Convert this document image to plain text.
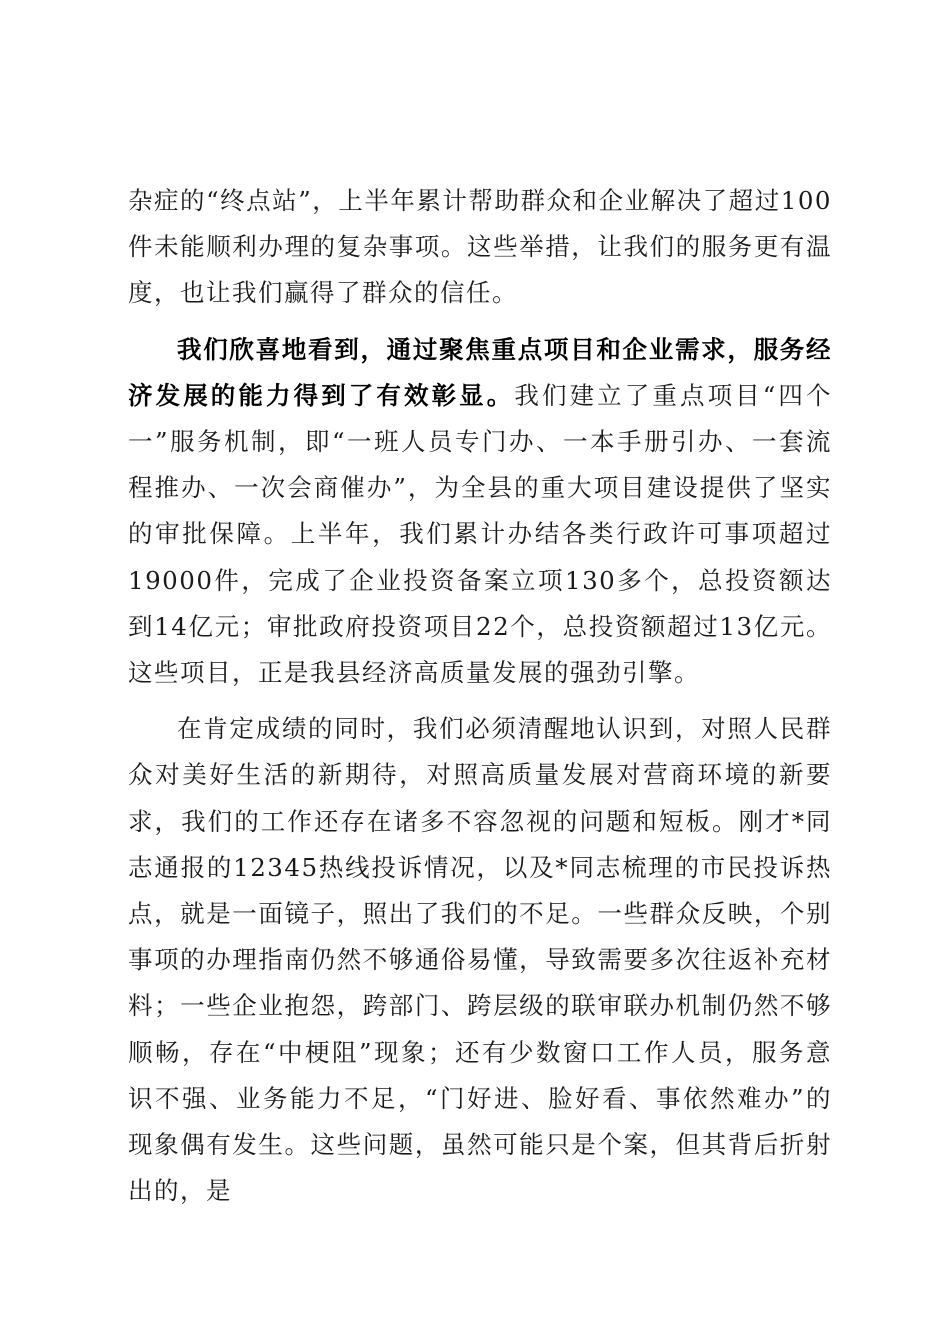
杂症的“终点站”，上半年累计帮助群众和企业解决了超过100件未能顺利办理的复杂事项。这些举措，让我们的服务更有温度，也让我们赢得了群众的信任。

我们欣喜地看到，通过聚焦重点项目和企业需求，服务经济发展的能力得到了有效彰显。我们建立了重点项目“四个一”服务机制，即“一班人员专门办、一本手册引办、一套流程推办、一次会商催办”，为全县的重大项目建设提供了坚实的审批保障。上半年，我们累计办结各类行政许可事项超过19000件，完成了企业投资备案立项130多个，总投资额达到14亿元；审批政府投资项目22个，总投资额超过13亿元。这些项目，正是我县经济高质量发展的强劲引擎。

在肯定成绩的同时，我们必须清醒地认识到，对照人民群众对美好生活的新期待，对照高质量发展对营商环境的新要求，我们的工作还存在诸多不容忽视的问题和短板。刚才*同志通报的12345热线投诉情况，以及*同志梳理的市民投诉热点，就是一面镜子，照出了我们的不足。一些群众反映，个别事项的办理指南仍然不够通俗易懂，导致需要多次往返补充材料；一些企业抱怨，跨部门、跨层级的联审联办机制仍然不够顺畅，存在“中梗阻”现象；还有少数窗口工作人员，服务意识不强、业务能力不足，“门好进、脸好看、事依然难办”的现象偶有发生。这些问题，虽然可能只是个案，但其背后折射出的，是
